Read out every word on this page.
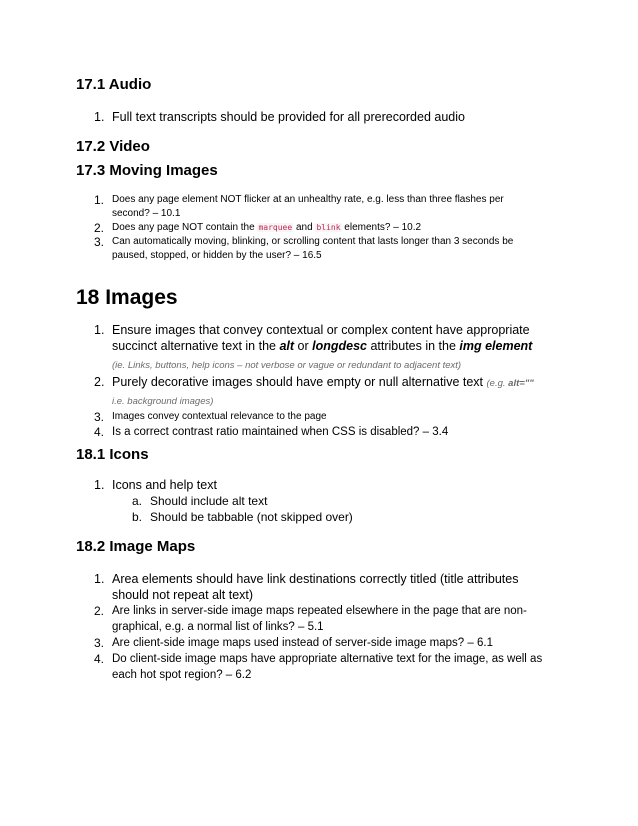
17.1 Audio
1. Full text transcripts should be provided for all prerecorded audio
17.2 Video
17.3 Moving Images
1. Does any page element NOT flicker at an unhealthy rate, e.g. less than three flashes per second? – 10.1
2. Does any page NOT contain the marquee and blink elements? – 10.2
3. Can automatically moving, blinking, or scrolling content that lasts longer than 3 seconds be paused, stopped, or hidden by the user? – 16.5
18 Images
1. Ensure images that convey contextual or complex content have appropriate succinct alternative text in the alt or longdesc attributes in the img element (ie. Links, buttons, help icons – not verbose or vague or redundant to adjacent text)
2. Purely decorative images should have empty or null alternative text (e.g. alt="" i.e. background images)
3. Images convey contextual relevance to the page
4. Is a correct contrast ratio maintained when CSS is disabled? – 3.4
18.1 Icons
1. Icons and help text
a. Should include alt text
b. Should be tabbable (not skipped over)
18.2 Image Maps
1. Area elements should have link destinations correctly titled (title attributes should not repeat alt text)
2. Are links in server-side image maps repeated elsewhere in the page that are non-graphical, e.g. a normal list of links? – 5.1
3. Are client-side image maps used instead of server-side image maps? – 6.1
4. Do client-side image maps have appropriate alternative text for the image, as well as each hot spot region? – 6.2
